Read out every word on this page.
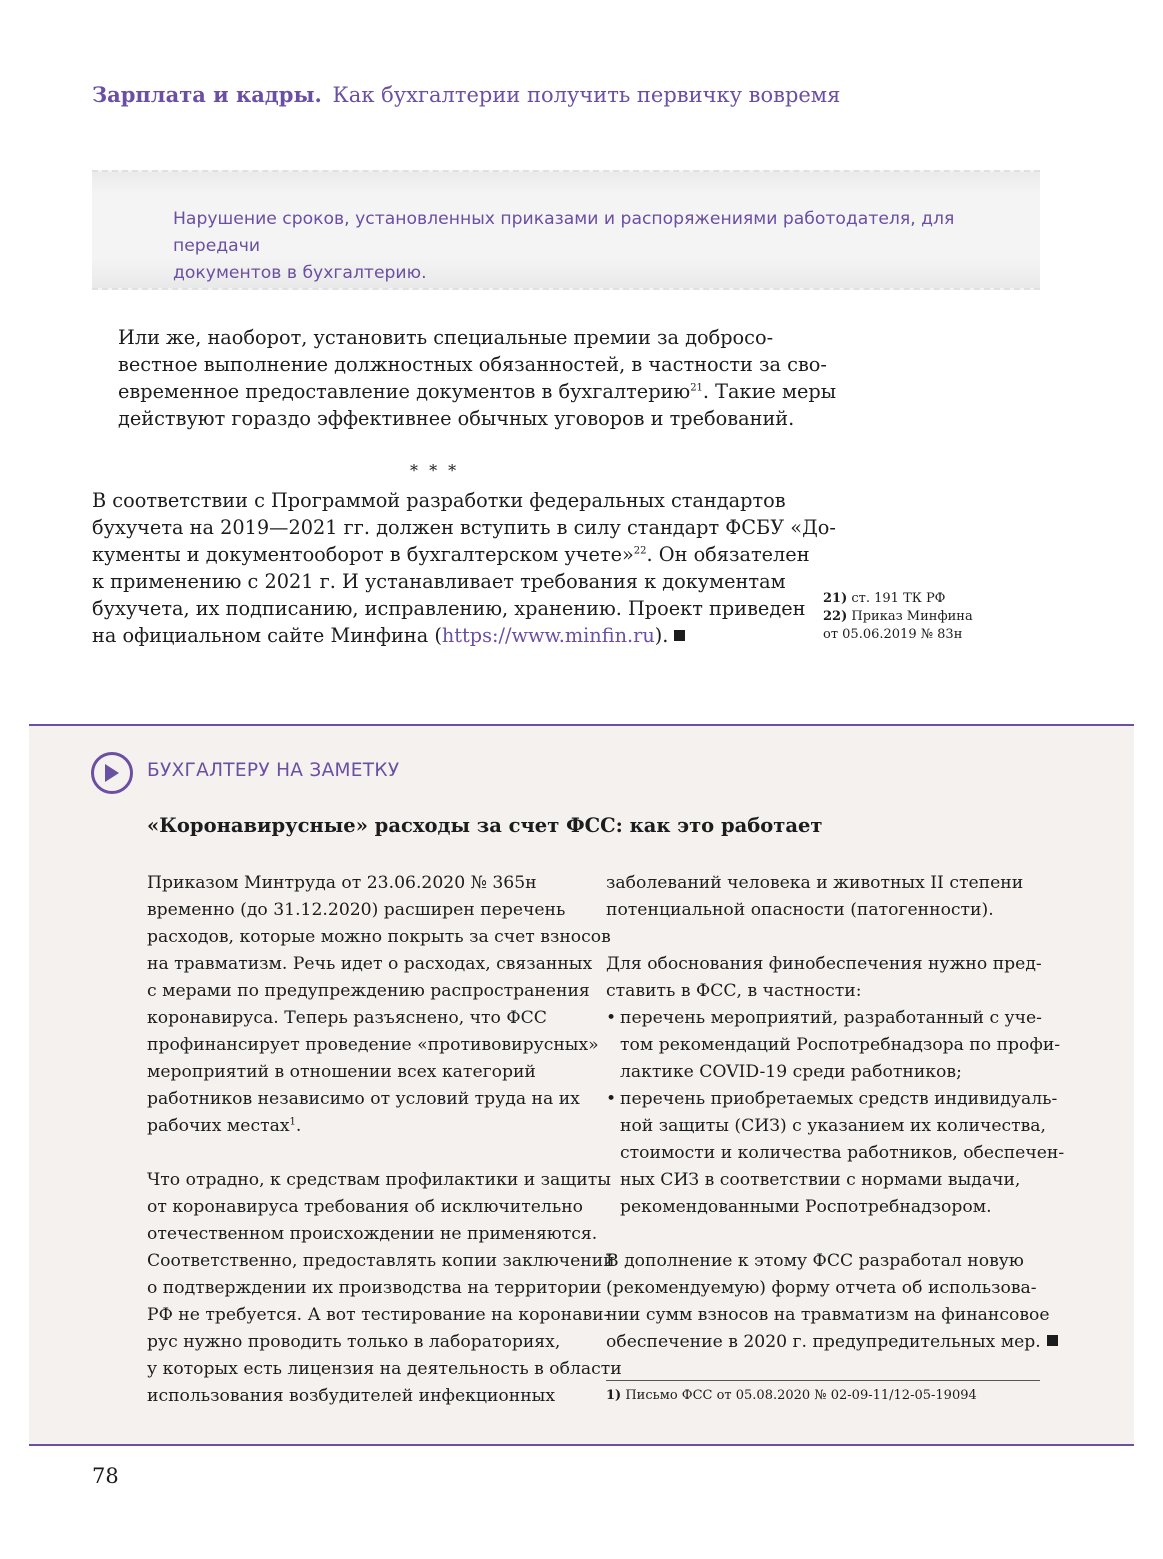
Зарплата и кадры. Как бухгалтерии получить первичку вовремя
Нарушение сроков, установленных приказами и распоряжениями работодателя, для передачи
документов в бухгалтерию.
Или же, наоборот, установить специальные премии за добросо-
вестное выполнение должностных обязанностей, в частности за сво-
евременное предоставление документов в бухгалтерию$^{21}$. Такие меры
действуют гораздо эффективнее обычных уговоров и требований.
* * *
В соответствии с Программой разработки федеральных стандартов
бухучета на 2019—2021 гг. должен вступить в силу стандарт ФСБУ «До-
кументы и документооборот в бухгалтерском учете»$^{22}$. Он обязателен
к применению с 2021 г. И устанавливает требования к документам
бухучета, их подписанию, исправлению, хранению. Проект приведен
на официальном сайте Минфина (https://www.minfin.ru).
21) ст. 191 ТК РФ
22) Приказ Минфина
от 05.06.2019 № 83н
БУХГАЛТЕРУ НА ЗАМЕТКУ
«Коронавирусные» расходы за счет ФСС: как это работает

Приказом Минтруда от 23.06.2020 № 365н
временно (до 31.12.2020) расширен перечень
расходов, которые можно покрыть за счет взносов
на травматизм. Речь идет о расходах, связанных
с мерами по предупреждению распространения
коронавируса. Теперь разъяснено, что ФСС
профинансирует проведение «противовирусных»
мероприятий в отношении всех категорий
работников независимо от условий труда на их
рабочих местах$^1$.

Что отрадно, к средствам профилактики и защиты
от коронавируса требования об исключительно
отечественном происхождении не применяются.
Соответственно, предоставлять копии заключений
о подтверждении их производства на территории
РФ не требуется. А вот тестирование на коронави-
рус нужно проводить только в лабораториях,
у которых есть лицензия на деятельность в области
использования возбудителей инфекционных

заболеваний человека и животных II степени
потенциальной опасности (патогенности).

Для обоснования финобеспечения нужно пред-
ставить в ФСС, в частности:

• перечень мероприятий, разработанный с уче-
том рекомендаций Роспотребнадзора по профи-
лактике COVID-19 среди работников;
• перечень приобретаемых средств индивидуаль-
ной защиты (СИЗ) с указанием их количества,
стоимости и количества работников, обеспечен-
ных СИЗ в соответствии с нормами выдачи,
рекомендованными Роспотребнадзором.

В дополнение к этому ФСС разработал новую
(рекомендуемую) форму отчета об использова-
нии сумм взносов на травматизм на финансовое
обеспечение в 2020 г. предупредительных мер.

1) Письмо ФСС от 05.08.2020 № 02-09-11/12-05-19094
78
